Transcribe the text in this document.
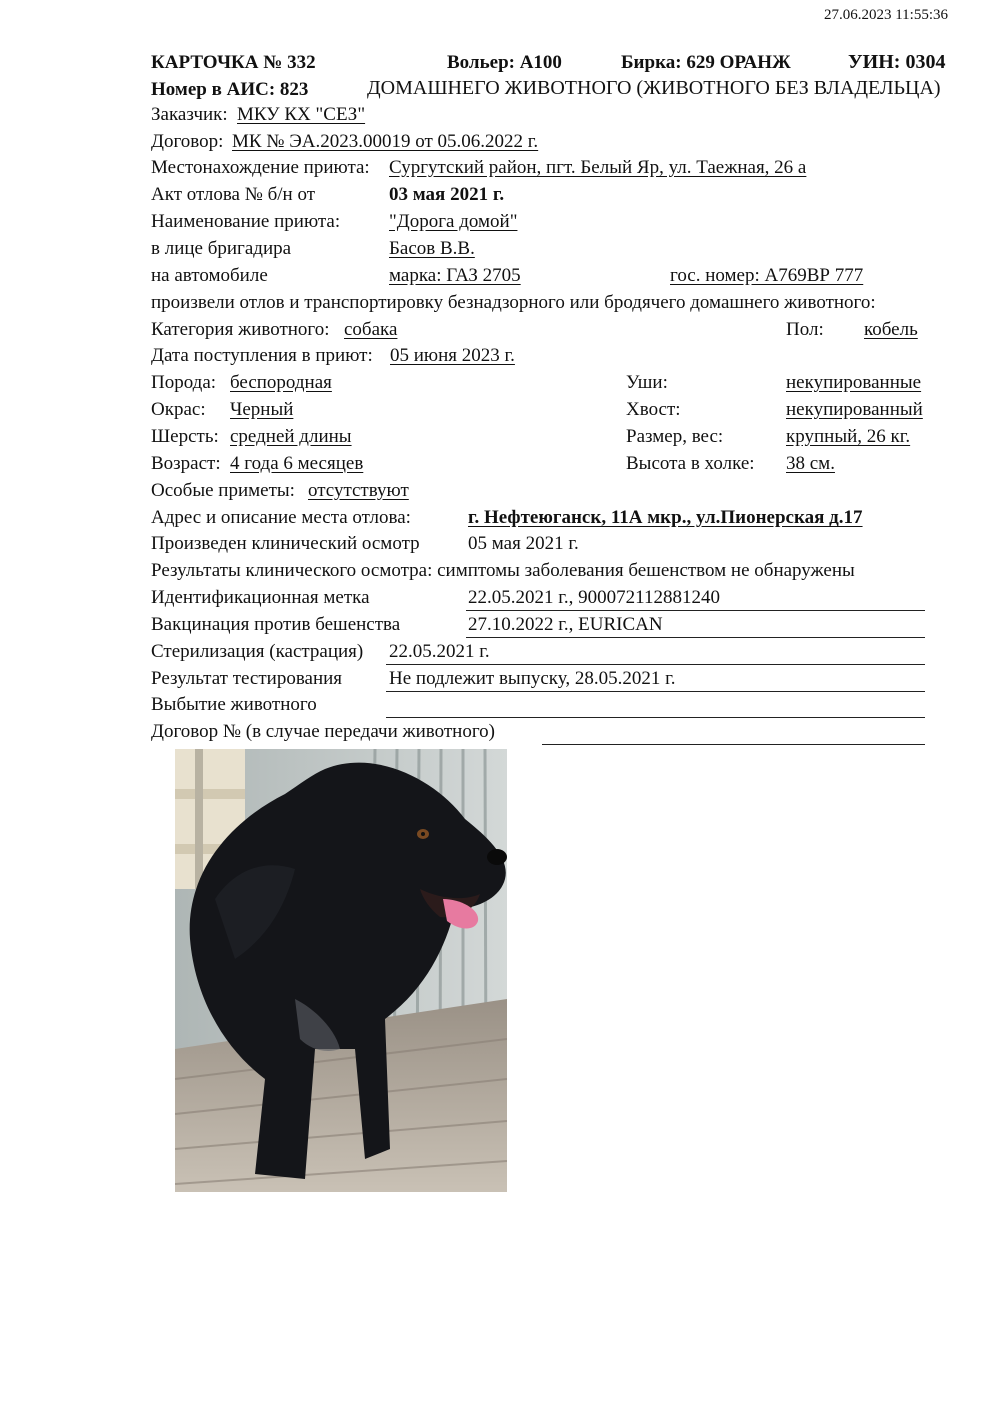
27.06.2023 11:55:36
КАРТОЧКА № 332	Вольер: А100	Бирка: 629 ОРАНЖ	УИН: 0304
Номер в АИС: 823	ДОМАШНЕГО ЖИВОТНОГО (ЖИВОТНОГО БЕЗ ВЛАДЕЛЬЦА)
Заказчик: МКУ КХ "СЕЗ"
Договор: МК № ЭА.2023.00019 от 05.06.2022 г.
Местонахождение приюта: Сургутский район, пгт. Белый Яр, ул. Таежная, 26 а
Акт отлова № б/н от	03 мая 2021 г.
Наименование приюта:	"Дорога домой"
в лице бригадира	Басов В.В.
на автомобиле	марка: ГАЗ 2705	гос. номер: А769ВР 777
произвели отлов и транспортировку безнадзорного или бродячего домашнего животного:
Категория животного: собака	Пол: кобель
Дата поступления в приют: 05 июня 2023 г.
Порода: беспородная	Уши:	некупированные
Окрас: Черный	Хвост:	некупированный
Шерсть: средней длины	Размер, вес:	крупный, 26 кг.
Возраст: 4 года 6 месяцев	Высота в холке: 38 см.
Особые приметы: отсутствуют
Адрес и описание места отлова:	г. Нефтеюганск, 11А мкр., ул.Пионерская д.17
Произведен клинический осмотр	05 мая 2021 г.
Результаты клинического осмотра: симптомы заболевания бешенством не обнаружены
Идентификационная метка	22.05.2021 г., 900072112881240
Вакцинация против бешенства	27.10.2022 г., EURICAN
Стерилизация (кастрация) 22.05.2021 г.
Результат тестирования Не подлежит выпуску, 28.05.2021 г.
Выбытие животного
Договор № (в случае передачи животного)
